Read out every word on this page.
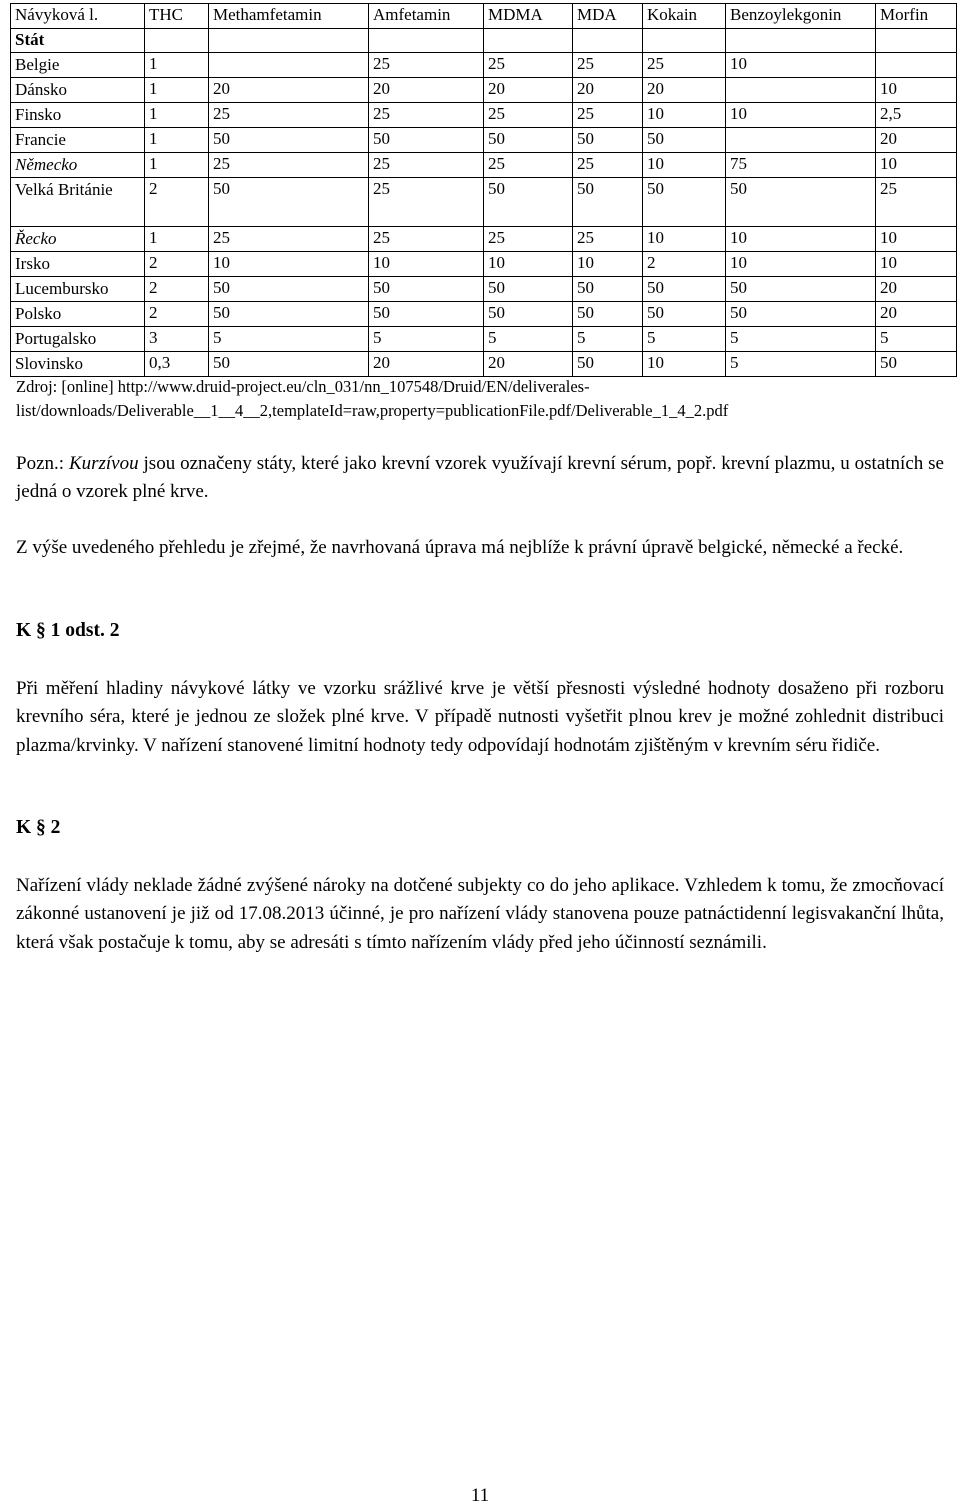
Návyková l.	THC	Methamfetamin	Amfetamin	MDMA	MDA	Kokain	Benzoylekgonin	Morfin
Stát								
Belgie	1		25	25	25	25	10	
Dánsko	1	20	20	20	20	20		10
Finsko	1	25	25	25	25	10	10	2,5
Francie	1	50	50	50	50	50		20
Německo	1	25	25	25	25	10	75	10
Velká Británie	2	50	25	50	50	50	50	25
Řecko	1	25	25	25	25	10	10	10
Irsko	2	10	10	10	10	2	10	10
Lucembursko	2	50	50	50	50	50	50	20
Polsko	2	50	50	50	50	50	50	20
Portugalsko	3	5	5	5	5	5	5	5
Slovinsko	0,3	50	20	20	50	10	5	50
Zdroj: [online] http://www.druid-project.eu/cln_031/nn_107548/Druid/EN/deliverales-list/downloads/Deliverable__1__4__2,templateId=raw,property=publicationFile.pdf/Deliverable_1_4_2.pdf

Pozn.: Kurzívou jsou označeny státy, které jako krevní vzorek využívají krevní sérum, popř. krevní plazmu, u ostatních se jedná o vzorek plné krve.

Z výše uvedeného přehledu je zřejmé, že navrhovaná úprava má nejblíže k právní úpravě belgické, německé a řecké.

K § 1 odst. 2

Při měření hladiny návykové látky ve vzorku srážlivé krve je větší přesnosti výsledné hodnoty dosaženo při rozboru krevního séra, které je jednou ze složek plné krve. V případě nutnosti vyšetřit plnou krev je možné zohlednit distribuci plazma/krvinky. V nařízení stanovené limitní hodnoty tedy odpovídají hodnotám zjištěným v krevním séru řidiče.

K § 2

Nařízení vlády neklade žádné zvýšené nároky na dotčené subjekty co do jeho aplikace. Vzhledem k tomu, že zmocňovací zákonné ustanovení je již od 17.08.2013 účinné, je pro nařízení vlády stanovena pouze patnáctidenní legisvakanční lhůta, která však postačuje k tomu, aby se adresáti s tímto nařízením vlády před jeho účinností seznámili.

11
